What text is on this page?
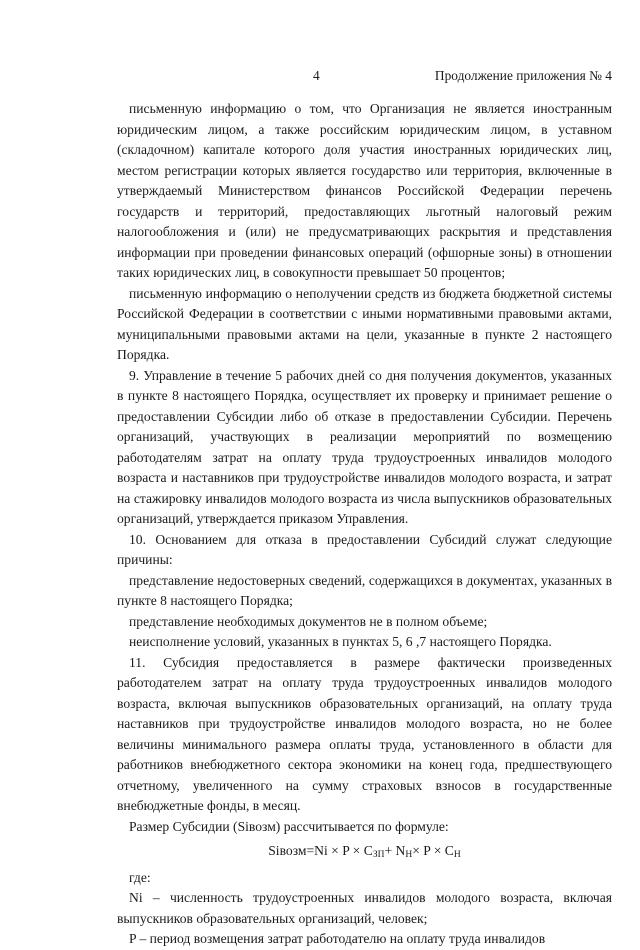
4	Продолжение приложения № 4

письменную информацию о том, что Организация не является иностранным юридическим лицом, а также российским юридическим лицом, в уставном (складочном) капитале которого доля участия иностранных юридических лиц, местом регистрации которых является государство или территория, включенные в утверждаемый Министерством финансов Российской Федерации перечень государств и территорий, предоставляющих льготный налоговый режим налогообложения и (или) не предусматривающих раскрытия и представления информации при проведении финансовых операций (офшорные зоны) в отношении таких юридических лиц, в совокупности превышает 50 процентов;

письменную информацию о неполучении средств из бюджета бюджетной системы Российской Федерации в соответствии с иными нормативными правовыми актами, муниципальными правовыми актами на цели, указанные в пункте 2 настоящего Порядка.

9. Управление в течение 5 рабочих дней со дня получения документов, указанных в пункте 8 настоящего Порядка, осуществляет их проверку и принимает решение о предоставлении Субсидии либо об отказе в предоставлении Субсидии. Перечень организаций, участвующих в реализации мероприятий по возмещению работодателям затрат на оплату труда трудоустроенных инвалидов молодого возраста и наставников при трудоустройстве инвалидов молодого возраста, и затрат на стажировку инвалидов молодого возраста из числа выпускников образовательных организаций, утверждается приказом Управления.

10. Основанием для отказа в предоставлении Субсидий служат следующие причины:

представление недостоверных сведений, содержащихся в документах, указанных в пункте 8 настоящего Порядка;

представление необходимых документов не в полном объеме;

неисполнение условий, указанных в пунктах 5, 6 ,7 настоящего Порядка.

11. Субсидия предоставляется в размере фактически произведенных работодателем затрат на оплату труда трудоустроенных инвалидов молодого возраста, включая выпускников образовательных организаций, на оплату труда наставников при трудоустройстве инвалидов молодого возраста, но не более величины минимального размера оплаты труда, установленного в области для работников внебюджетного сектора экономики на конец года, предшествующего отчетному, увеличенного на сумму страховых взносов в государственные внебюджетные фонды, в месяц.

Размер Субсидии (Siвозм) рассчитывается по формуле:

Siвозм=Ni × $P \times C_{ЗП}+ N_Н\times P \times C_Н$

где:

Ni – численность трудоустроенных инвалидов молодого возраста, включая выпускников образовательных организаций, человек;

P – период возмещения затрат работодателю на оплату труда инвалидов
